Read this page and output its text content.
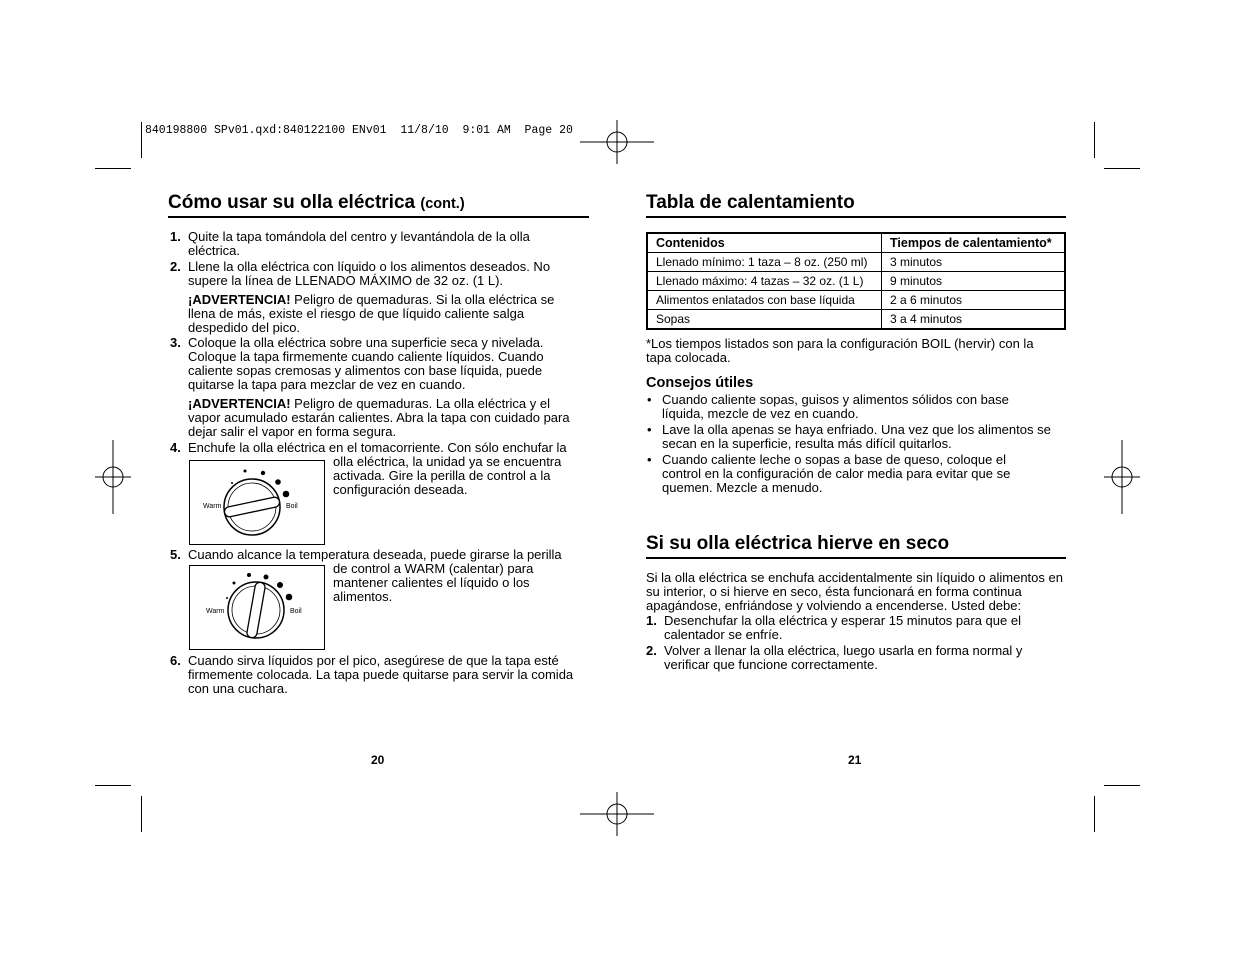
840198800 SPv01.qxd:840122100 ENv01  11/8/10  9:01 AM  Page 20
Cómo usar su olla eléctrica (cont.)
1. Quite la tapa tomándola del centro y levantándola de la olla eléctrica.
2. Llene la olla eléctrica con líquido o los alimentos deseados. No supere la línea de LLENADO MÁXIMO de 32 oz. (1 L).
¡ADVERTENCIA! Peligro de quemaduras. Si la olla eléctrica se llena de más, existe el riesgo de que líquido caliente salga despedido del pico.
3. Coloque la olla eléctrica sobre una superficie seca y nivelada. Coloque la tapa firmemente cuando caliente líquidos. Cuando caliente sopas cremosas y alimentos con base líquida, puede quitarse la tapa para mezclar de vez en cuando.
¡ADVERTENCIA! Peligro de quemaduras. La olla eléctrica y el vapor acumulado estarán calientes. Abra la tapa con cuidado para dejar salir el vapor en forma segura.
4. Enchufe la olla eléctrica en el tomacorriente. Con sólo enchufar la
olla eléctrica, la unidad ya se encuentra activada. Gire la perilla de control a la configuración deseada.
Warm	Boil
5. Cuando alcance la temperatura deseada, puede girarse la perilla
de control a WARM (calentar) para mantener calientes el líquido o los alimentos.
Warm	Boil
6. Cuando sirva líquidos por el pico, asegúrese de que la tapa esté firmemente colocada. La tapa puede quitarse para servir la comida con una cuchara.
20
Tabla de calentamiento
Contenidos	Tiempos de calentamiento*
Llenado mínimo: 1 taza – 8 oz. (250 ml)	3 minutos
Llenado máximo: 4 tazas – 32 oz. (1 L)	9 minutos
Alimentos enlatados con base líquida	2 a 6 minutos
Sopas	3 a 4 minutos
*Los tiempos listados son para la configuración BOIL (hervir) con la tapa colocada.
Consejos útiles
• Cuando caliente sopas, guisos y alimentos sólidos con base líquida, mezcle de vez en cuando.
• Lave la olla apenas se haya enfriado. Una vez que los alimentos se secan en la superficie, resulta más difícil quitarlos.
• Cuando caliente leche o sopas a base de queso, coloque el control en la configuración de calor media para evitar que se quemen. Mezcle a menudo.
Si su olla eléctrica hierve en seco
Si la olla eléctrica se enchufa accidentalmente sin líquido o alimentos en su interior, o si hierve en seco, ésta funcionará en forma continua apagándose, enfriándose y volviendo a encenderse. Usted debe:
1. Desenchufar la olla eléctrica y esperar 15 minutos para que el calentador se enfríe.
2. Volver a llenar la olla eléctrica, luego usarla en forma normal y verificar que funcione correctamente.
21
